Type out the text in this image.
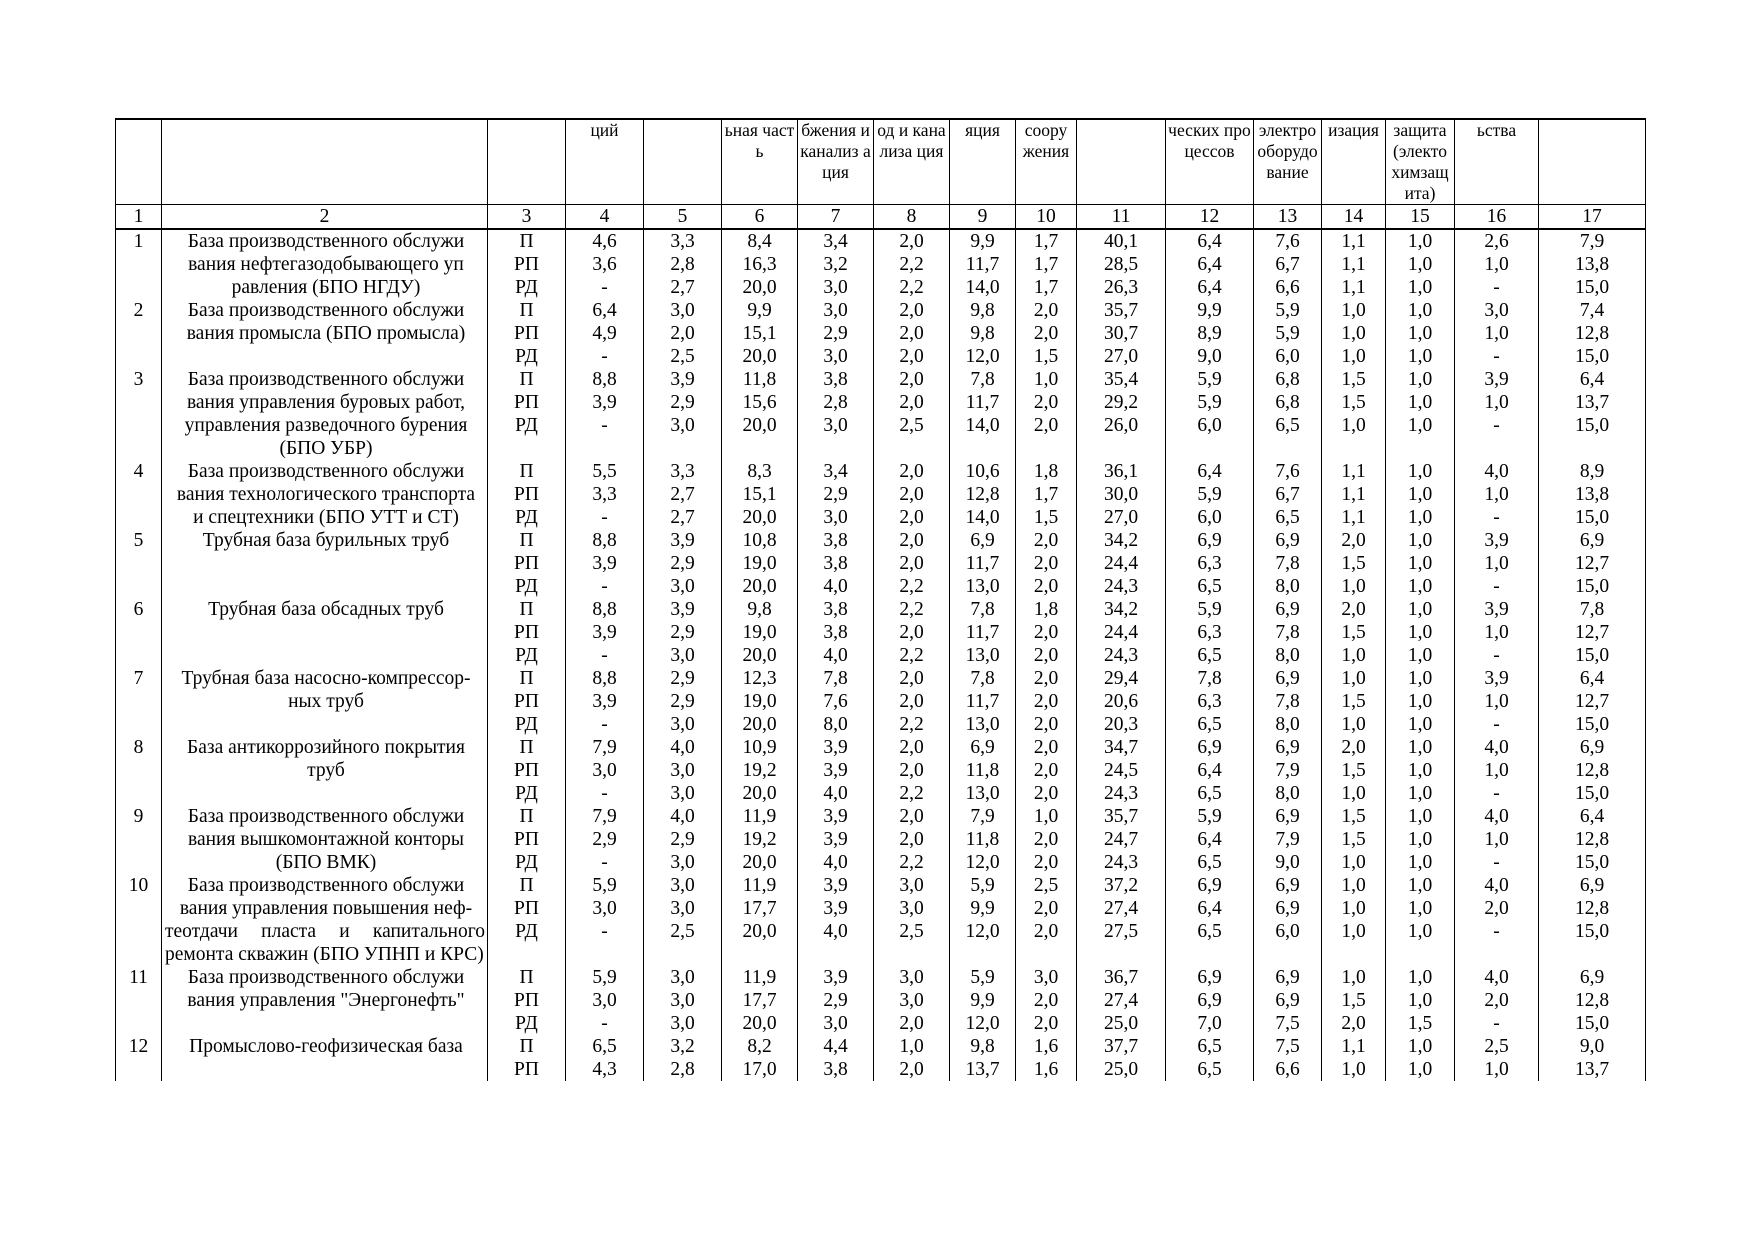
			ций		ьная часть	бжения и канализ ация	од и канализа ция	яция	соору жения		ческих процессов	электро оборудо вание	изация	защита (электо химзащ ита)	ьства	
1	2	3	4	5	6	7	8	9	10	11	12	13	14	15	16	17
1	База производственного обслужи	П	4,6	3,3	8,4	3,4	2,0	9,9	1,7	40,1	6,4	7,6	1,1	1,0	2,6	7,9
	вания нефтегазодобывающего уп	РП	3,6	2,8	16,3	3,2	2,2	11,7	1,7	28,5	6,4	6,7	1,1	1,0	1,0	13,8
	равления (БПО НГДУ)	РД	-	2,7	20,0	3,0	2,2	14,0	1,7	26,3	6,4	6,6	1,1	1,0	-	15,0
2	База производственного обслужи	П	6,4	3,0	9,9	3,0	2,0	9,8	2,0	35,7	9,9	5,9	1,0	1,0	3,0	7,4
	вания промысла (БПО промысла)	РП	4,9	2,0	15,1	2,9	2,0	9,8	2,0	30,7	8,9	5,9	1,0	1,0	1,0	12,8
		РД	-	2,5	20,0	3,0	2,0	12,0	1,5	27,0	9,0	6,0	1,0	1,0	-	15,0
3	База производственного обслужи	П	8,8	3,9	11,8	3,8	2,0	7,8	1,0	35,4	5,9	6,8	1,5	1,0	3,9	6,4
	вания управления буровых работ,	РП	3,9	2,9	15,6	2,8	2,0	11,7	2,0	29,2	5,9	6,8	1,5	1,0	1,0	13,7
	управления разведочного бурения	РД	-	3,0	20,0	3,0	2,5	14,0	2,0	26,0	6,0	6,5	1,0	1,0	-	15,0
	(БПО УБР)															
4	База производственного обслужи	П	5,5	3,3	8,3	3,4	2,0	10,6	1,8	36,1	6,4	7,6	1,1	1,0	4,0	8,9
	вания технологического транспорта	РП	3,3	2,7	15,1	2,9	2,0	12,8	1,7	30,0	5,9	6,7	1,1	1,0	1,0	13,8
	и спецтехники (БПО УТТ и СТ)	РД	-	2,7	20,0	3,0	2,0	14,0	1,5	27,0	6,0	6,5	1,1	1,0	-	15,0
5	Трубная база бурильных труб	П	8,8	3,9	10,8	3,8	2,0	6,9	2,0	34,2	6,9	6,9	2,0	1,0	3,9	6,9
		РП	3,9	2,9	19,0	3,8	2,0	11,7	2,0	24,4	6,3	7,8	1,5	1,0	1,0	12,7
		РД	-	3,0	20,0	4,0	2,2	13,0	2,0	24,3	6,5	8,0	1,0	1,0	-	15,0
6	Трубная база обсадных труб	П	8,8	3,9	9,8	3,8	2,2	7,8	1,8	34,2	5,9	6,9	2,0	1,0	3,9	7,8
		РП	3,9	2,9	19,0	3,8	2,0	11,7	2,0	24,4	6,3	7,8	1,5	1,0	1,0	12,7
		РД	-	3,0	20,0	4,0	2,2	13,0	2,0	24,3	6,5	8,0	1,0	1,0	-	15,0
7	Трубная база насосно-компрессор-	П	8,8	2,9	12,3	7,8	2,0	7,8	2,0	29,4	7,8	6,9	1,0	1,0	3,9	6,4
	ных труб	РП	3,9	2,9	19,0	7,6	2,0	11,7	2,0	20,6	6,3	7,8	1,5	1,0	1,0	12,7
		РД	-	3,0	20,0	8,0	2,2	13,0	2,0	20,3	6,5	8,0	1,0	1,0	-	15,0
8	База антикоррозийного покрытия	П	7,9	4,0	10,9	3,9	2,0	6,9	2,0	34,7	6,9	6,9	2,0	1,0	4,0	6,9
	труб	РП	3,0	3,0	19,2	3,9	2,0	11,8	2,0	24,5	6,4	7,9	1,5	1,0	1,0	12,8
		РД	-	3,0	20,0	4,0	2,2	13,0	2,0	24,3	6,5	8,0	1,0	1,0	-	15,0
9	База производственного обслужи	П	7,9	4,0	11,9	3,9	2,0	7,9	1,0	35,7	5,9	6,9	1,5	1,0	4,0	6,4
	вания вышкомонтажной конторы	РП	2,9	2,9	19,2	3,9	2,0	11,8	2,0	24,7	6,4	7,9	1,5	1,0	1,0	12,8
	(БПО ВМК)	РД	-	3,0	20,0	4,0	2,2	12,0	2,0	24,3	6,5	9,0	1,0	1,0	-	15,0
10	База производственного обслужи	П	5,9	3,0	11,9	3,9	3,0	5,9	2,5	37,2	6,9	6,9	1,0	1,0	4,0	6,9
	вания управления повышения неф-	РП	3,0	3,0	17,7	3,9	3,0	9,9	2,0	27,4	6,4	6,9	1,0	1,0	2,0	12,8
	теотдачи пласта и капитального ремонта скважин (БПО УПНП и КРС)	РД	-	2,5	20,0	4,0	2,5	12,0	2,0	27,5	6,5	6,0	1,0	1,0	-	15,0
11	База производственного обслужи	П	5,9	3,0	11,9	3,9	3,0	5,9	3,0	36,7	6,9	6,9	1,0	1,0	4,0	6,9
	вания управления "Энергонефть"	РП	3,0	3,0	17,7	2,9	3,0	9,9	2,0	27,4	6,9	6,9	1,5	1,0	2,0	12,8
		РД	-	3,0	20,0	3,0	2,0	12,0	2,0	25,0	7,0	7,5	2,0	1,5	-	15,0
12	Промыслово-геофизическая база	П	6,5	3,2	8,2	4,4	1,0	9,8	1,6	37,7	6,5	7,5	1,1	1,0	2,5	9,0
		РП	4,3	2,8	17,0	3,8	2,0	13,7	1,6	25,0	6,5	6,6	1,0	1,0	1,0	13,7
